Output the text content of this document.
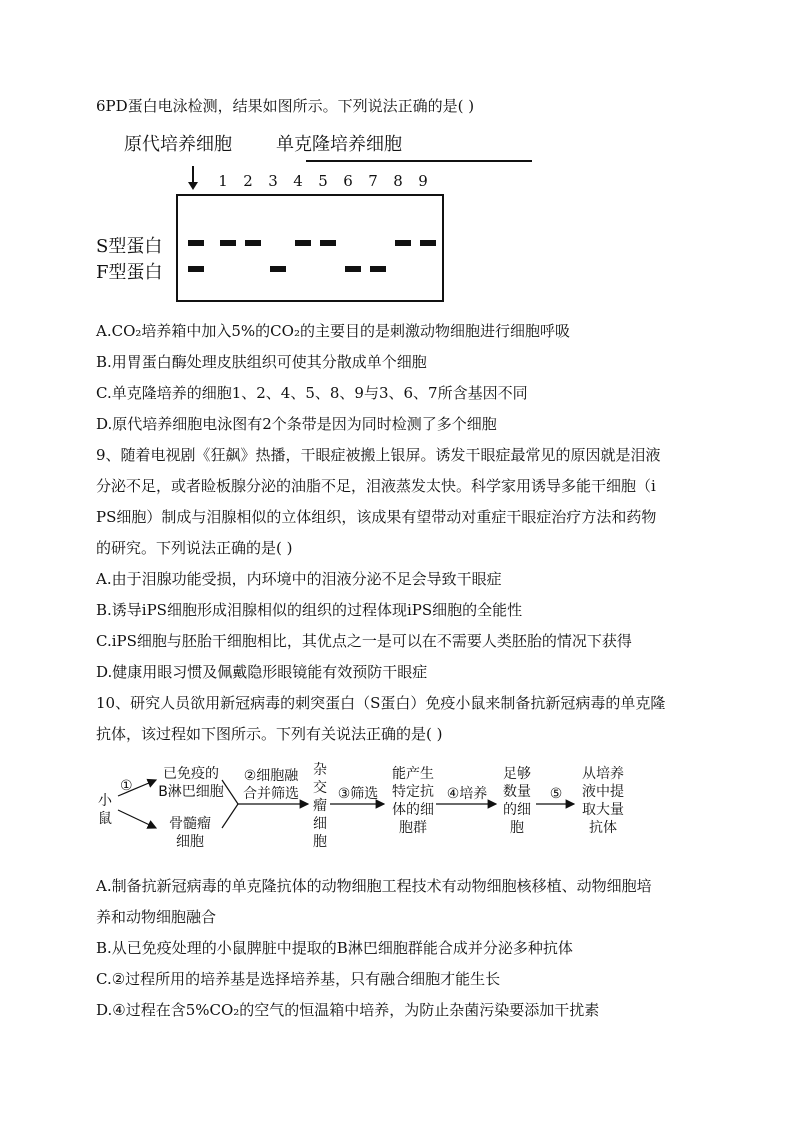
6PD蛋白电泳检测，结果如图所示。下列说法正确的是( )
原代培养细胞 单克隆培养细胞
1 2 3 4 5 6 7 8 9
S型蛋白
F型蛋白
A.CO₂培养箱中加入5%的CO₂的主要目的是刺激动物细胞进行细胞呼吸
B.用胃蛋白酶处理皮肤组织可使其分散成单个细胞
C.单克隆培养的细胞1、2、4、5、8、9与3、6、7所含基因不同
D.原代培养细胞电泳图有2个条带是因为同时检测了多个细胞
9、随着电视剧《狂飙》热播，干眼症被搬上银屏。诱发干眼症最常见的原因就是泪液
分泌不足，或者睑板腺分泌的油脂不足，泪液蒸发太快。科学家用诱导多能干细胞（i
PS细胞）制成与泪腺相似的立体组织，该成果有望带动对重症干眼症治疗方法和药物
的研究。下列说法正确的是( )
A.由于泪腺功能受损，内环境中的泪液分泌不足会导致干眼症
B.诱导iPS细胞形成泪腺相似的组织的过程体现iPS细胞的全能性
C.iPS细胞与胚胎干细胞相比，其优点之一是可以在不需要人类胚胎的情况下获得
D.健康用眼习惯及佩戴隐形眼镜能有效预防干眼症
10、研究人员欲用新冠病毒的刺突蛋白（S蛋白）免疫小鼠来制备抗新冠病毒的单克隆
抗体，该过程如下图所示。下列有关说法正确的是( )
小鼠
①
已免疫的
B淋巴细胞
骨髓瘤
细胞
②细胞融
合并筛选
杂
交
瘤
细
胞
③筛选
能产生
特定抗
体的细
胞群
④培养
足够
数量
的细
胞
⑤
从培养
液中提
取大量
抗体
A.制备抗新冠病毒的单克隆抗体的动物细胞工程技术有动物细胞核移植、动物细胞培
养和动物细胞融合
B.从已免疫处理的小鼠脾脏中提取的B淋巴细胞群能合成并分泌多种抗体
C.②过程所用的培养基是选择培养基，只有融合细胞才能生长
D.④过程在含5%CO₂的空气的恒温箱中培养，为防止杂菌污染要添加干扰素
